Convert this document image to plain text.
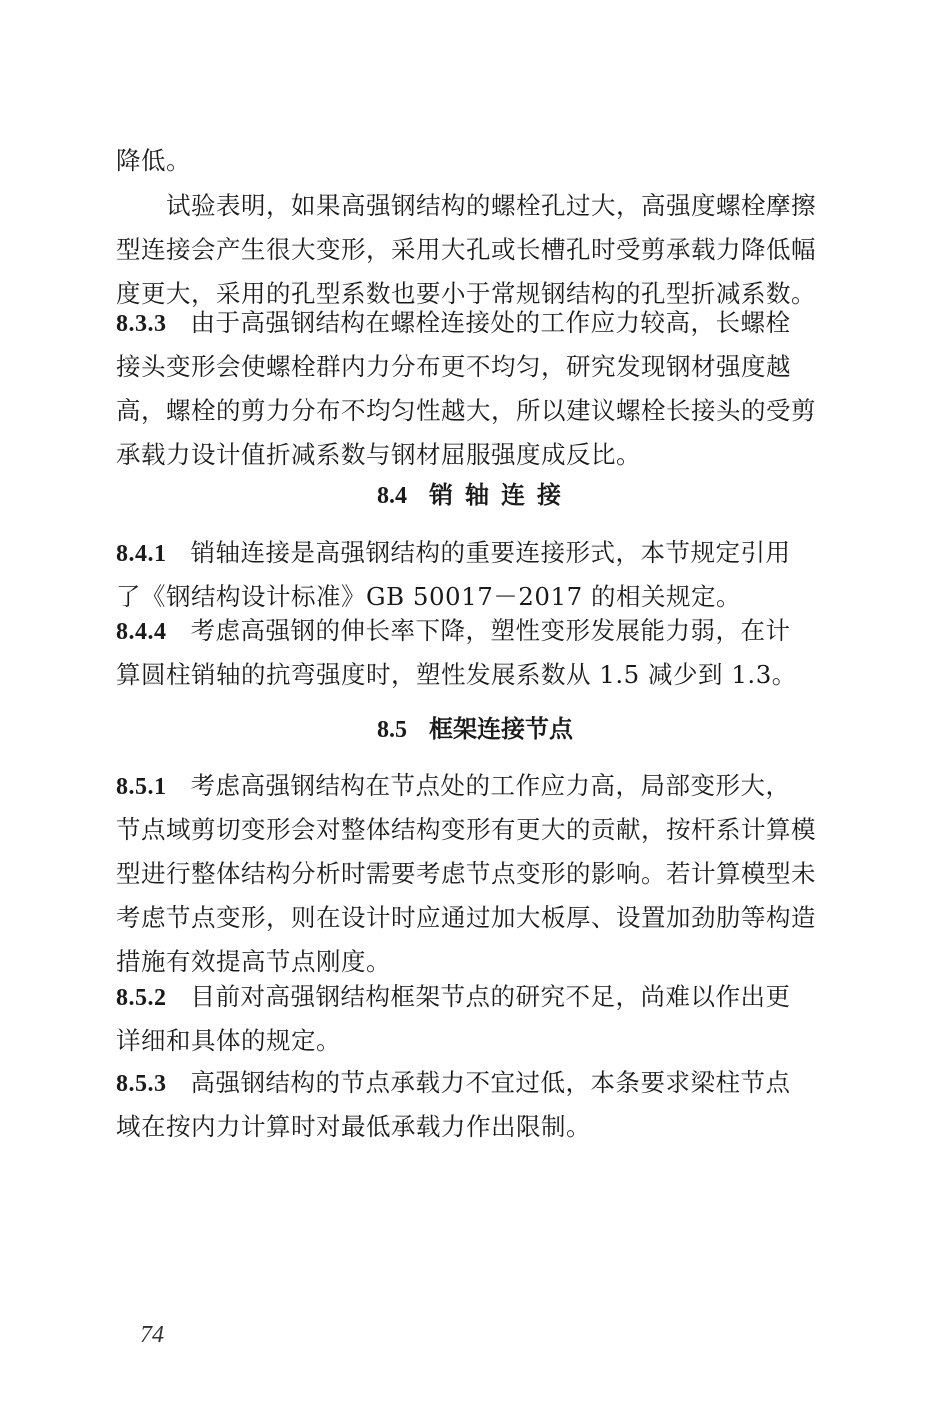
降低。
试验表明，如果高强钢结构的螺栓孔过大，高强度螺栓摩擦
型连接会产生很大变形，采用大孔或长槽孔时受剪承载力降低幅
度更大，采用的孔型系数也要小于常规钢结构的孔型折减系数。
8.3.3 由于高强钢结构在螺栓连接处的工作应力较高，长螺栓
接头变形会使螺栓群内力分布更不均匀，研究发现钢材强度越
高，螺栓的剪力分布不均匀性越大，所以建议螺栓长接头的受剪
承载力设计值折减系数与钢材屈服强度成反比。
8.4 销轴连接
8.4.1 销轴连接是高强钢结构的重要连接形式，本节规定引用
了《钢结构设计标准》GB 50017－2017 的相关规定。
8.4.4 考虑高强钢的伸长率下降，塑性变形发展能力弱，在计
算圆柱销轴的抗弯强度时，塑性发展系数从 1.5 减少到 1.3。
8.5 框架连接节点
8.5.1 考虑高强钢结构在节点处的工作应力高，局部变形大，
节点域剪切变形会对整体结构变形有更大的贡献，按杆系计算模
型进行整体结构分析时需要考虑节点变形的影响。若计算模型未
考虑节点变形，则在设计时应通过加大板厚、设置加劲肋等构造
措施有效提高节点刚度。
8.5.2 目前对高强钢结构框架节点的研究不足，尚难以作出更
详细和具体的规定。
8.5.3 高强钢结构的节点承载力不宜过低，本条要求梁柱节点
域在按内力计算时对最低承载力作出限制。
74
